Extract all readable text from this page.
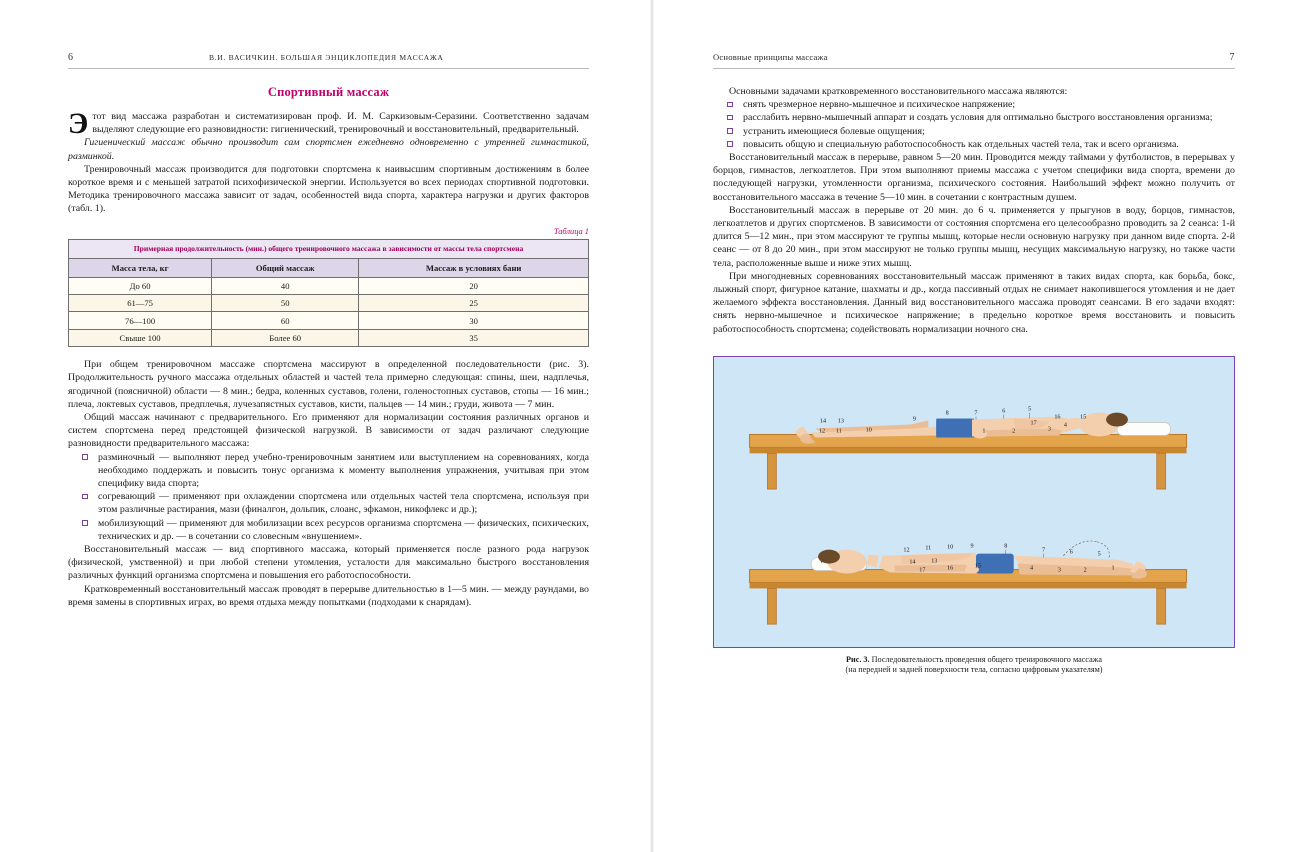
6	В.И. ВАСИЧКИН. БОЛЬШАЯ ЭНЦИКЛОПЕДИЯ МАССАЖА
Спортивный массаж

Этот вид массажа разработан и систематизирован проф. И. М. Саркизовым-Серазини. Соответственно задачам выделяют следующие его разновидности: гигиенический, тренировочный и восстановительный, предварительный.

Гигиенический массаж обычно производит сам спортсмен ежедневно одновременно с утренней гимнастикой, разминкой.

Тренировочный массаж производится для подготовки спортсмена к наивысшим спортивным достижениям в более короткое время и с меньшей затратой психофизической энергии. Используется во всех периодах спортивной подготовки. Методика тренировочного массажа зависит от задач, особенностей вида спорта, характера нагрузки и других факторов (табл. 1).

Таблица 1
Примерная продолжительность (мин.) общего тренировочного массажа в зависимости от массы тела спортсмена
Масса тела, кг	Общий массаж	Массаж в условиях бани
До 60	40	20
61—75	50	25
76—100	60	30
Свыше 100	Более 60	35

При общем тренировочном массаже спортсмена массируют в определенной последовательности (рис. 3). Продолжительность ручного массажа отдельных областей и частей тела примерно следующая: спины, шеи, надплечья, ягодичной (поясничной) области — 8 мин.; бедра, коленных суставов, голени, голеностопных суставов, стопы — 16 мин.; плеча, локтевых суставов, предплечья, лучезапястных суставов, кисти, пальцев — 14 мин.; груди, живота — 7 мин.

Общий массаж начинают с предварительного. Его применяют для нормализации состояния различных органов и систем спортсмена перед предстоящей физической нагрузкой. В зависимости от задач различают следующие разновидности предварительного массажа:

разминочный — выполняют перед учебно-тренировочным занятием или выступлением на соревнованиях, когда необходимо поддержать и повысить тонус организма к моменту выполнения упражнения, учитывая при этом специфику вида спорта;
согревающий — применяют при охлаждении спортсмена или отдельных частей тела спортсмена, используя при этом различные растирания, мази (финалгон, дольпик, слоанс, эфкамон, никофлекс и др.);
мобилизующий — применяют для мобилизации всех ресурсов организма спортсмена — физических, психических, технических и др. — в сочетании со словесным «внушением».

Восстановительный массаж — вид спортивного массажа, который применяется после разного рода нагрузок (физической, умственной) и при любой степени утомления, усталости для максимально быстрого восстановления различных функций организма спортсмена и повышения его работоспособности.

Кратковременный восстановительный массаж проводят в перерыве длительностью в 1—5 мин. — между раундами, во время замены в спортивных играх, во время отдыха между попытками (подходами к снарядам).

Основные принципы массажа	7

Основными задачами кратковременного восстановительного массажа являются:

снять чрезмерное нервно-мышечное и психическое напряжение;
расслабить нервно-мышечный аппарат и создать условия для оптимально быстрого восстановления организма;
устранить имеющиеся болевые ощущения;
повысить общую и специальную работоспособность как отдельных частей тела, так и всего организма.

Восстановительный массаж в перерыве, равном 5—20 мин. Проводится между таймами у футболистов, в перерывах у борцов, гимнастов, легкоатлетов. При этом выполняют приемы массажа с учетом специфики вида спорта, времени до последующей нагрузки, утомленности организма, психического состояния. Наибольший эффект можно получить от восстановительного массажа в течение 5—10 мин. в сочетании с контрастным душем.

Восстановительный массаж в перерыве от 20 мин. до 6 ч. применяется у прыгунов в воду, борцов, гимнастов, легкоатлетов и других спортсменов. В зависимости от состояния спортсмена его целесообразно проводить за 2 сеанса: 1-й длится 5—12 мин., при этом массируют те группы мышц, которые несли основную нагрузку при данном виде спорта. 2-й сеанс — от 8 до 20 мин., при этом массируют не только группы мышц, несущих максимальную нагрузку, но также части тела, расположенные выше и ниже этих мышц.

При многодневных соревнованиях восстановительный массаж применяют в таких видах спорта, как борьба, бокс, лыжный спорт, фигурное катание, шахматы и др., когда пассивный отдых не снимает накопившегося утомления и не дает желаемого эффекта восстановления. Данный вид восстановительного массажа проводят сеансами. В его задачи входят: снять нервно-мышечное и психическое напряжение; в предельно короткое время восстановить и повысить работоспособность спортсмена; содействовать нормализации ночного сна.

12 11	10
13
14	9
8	7	6	5
2
1	3
4
15
16
17
12	11	10
14	13
9	8
7	6	5
4	3	2	1
15
16
17
Рис. 3. Последовательность проведения общего тренировочного массажа
(на передней и задней поверхности тела, согласно цифровым указателям)
